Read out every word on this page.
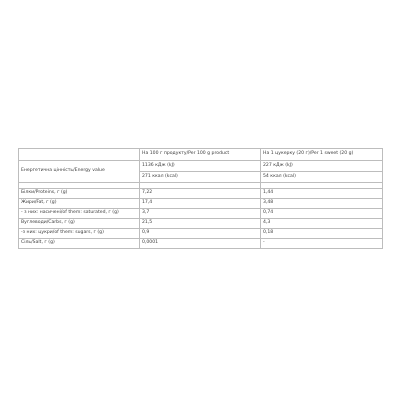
	На 100 г продукту/Per 100 g product	На 1 цукерку (20 г)/Per 1 sweet (20 g)
Енергетична цінність/Energy value	1136 кДж (kJ)	227 кДж (kJ)
	271 ккал (kcal)	54 ккал (kcal)

Білки/Proteins, г (g)	7,22	1,44
Жири/Fat, г (g)	17,4	3,48
- з них: насичені/of them: saturated, г (g)	3,7	0,74
Вуглеводи/Carbs, г (g)	21,5	4,3
-з них: цукри/of them: sugars, г (g)	0,9	0,18
Сіль/Salt, г (g)	0,0001	-
